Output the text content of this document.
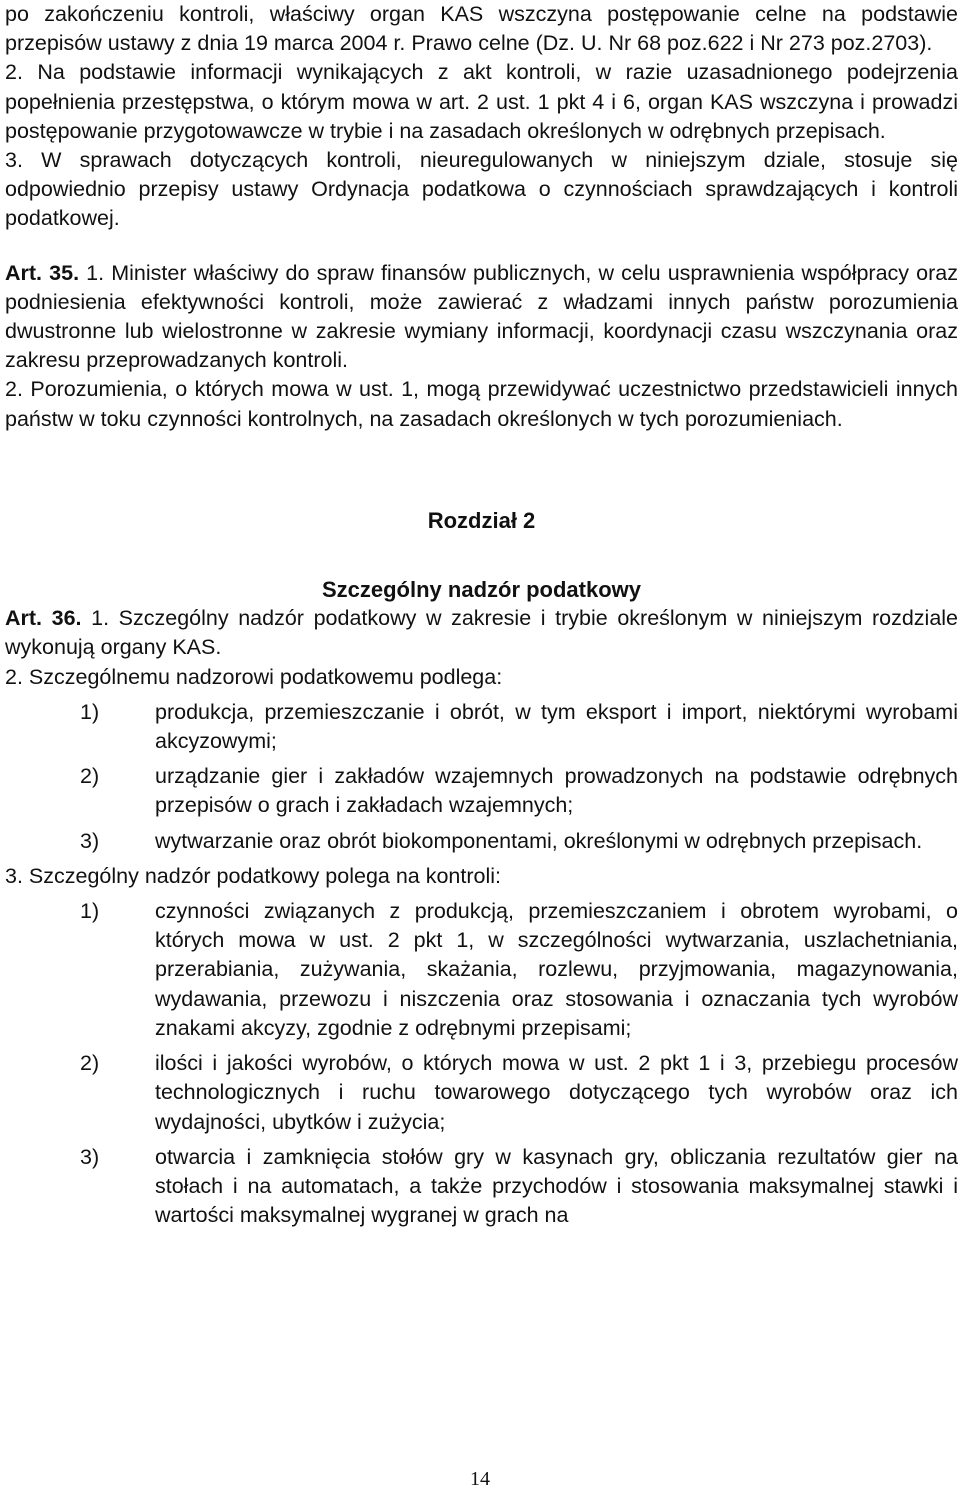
po zakończeniu kontroli, właściwy organ KAS wszczyna postępowanie celne na podstawie przepisów ustawy z dnia 19 marca 2004 r. Prawo celne (Dz. U. Nr 68 poz.622 i Nr 273 poz.2703).

2. Na podstawie informacji wynikających z akt kontroli, w razie uzasadnionego podejrzenia popełnienia przestępstwa, o którym mowa w art. 2 ust. 1 pkt 4 i 6, organ KAS wszczyna i prowadzi postępowanie przygotowawcze w trybie i na zasadach określonych w odrębnych przepisach.

3. W sprawach dotyczących kontroli, nieuregulowanych w niniejszym dziale, stosuje się odpowiednio przepisy ustawy Ordynacja podatkowa o czynnościach sprawdzających i kontroli podatkowej.

Art. 35. 1. Minister właściwy do spraw finansów publicznych, w celu usprawnienia współpracy oraz podniesienia efektywności kontroli, może zawierać z władzami innych państw porozumienia dwustronne lub wielostronne w zakresie wymiany informacji, koordynacji czasu wszczynania oraz zakresu przeprowadzanych kontroli.

2. Porozumienia, o których mowa w ust. 1, mogą przewidywać uczestnictwo przedstawicieli innych państw w toku czynności kontrolnych, na zasadach określonych w tych porozumieniach.

Rozdział 2
Szczególny nadzór podatkowy

Art. 36. 1. Szczególny nadzór podatkowy w zakresie i trybie określonym w niniejszym rozdziale wykonują organy KAS.

2. Szczególnemu nadzorowi podatkowemu podlega:

1)	produkcja, przemieszczanie i obrót, w tym eksport i import, niektórymi wyrobami akcyzowymi;
2)	urządzanie gier i zakładów wzajemnych prowadzonych na podstawie odrębnych przepisów o grach i zakładach wzajemnych;
3)	wytwarzanie oraz obrót biokomponentami, określonymi w odrębnych przepisach.

3. Szczególny nadzór podatkowy polega na kontroli:

1)	czynności związanych z produkcją, przemieszczaniem i obrotem wyrobami, o których mowa w ust. 2 pkt 1, w szczególności wytwarzania, uszlachetniania, przerabiania, zużywania, skażania, rozlewu, przyjmowania, magazynowania, wydawania, przewozu i niszczenia oraz stosowania i oznaczania tych wyrobów znakami akcyzy, zgodnie z odrębnymi przepisami;
2)	ilości i jakości wyrobów, o których mowa w ust. 2 pkt 1 i 3, przebiegu procesów technologicznych i ruchu towarowego dotyczącego tych wyrobów oraz ich wydajności, ubytków i zużycia;
3)	otwarcia i zamknięcia stołów gry w kasynach gry, obliczania rezultatów gier na stołach i na automatach, a także przychodów i stosowania maksymalnej stawki i wartości maksymalnej wygranej w grach na
14
